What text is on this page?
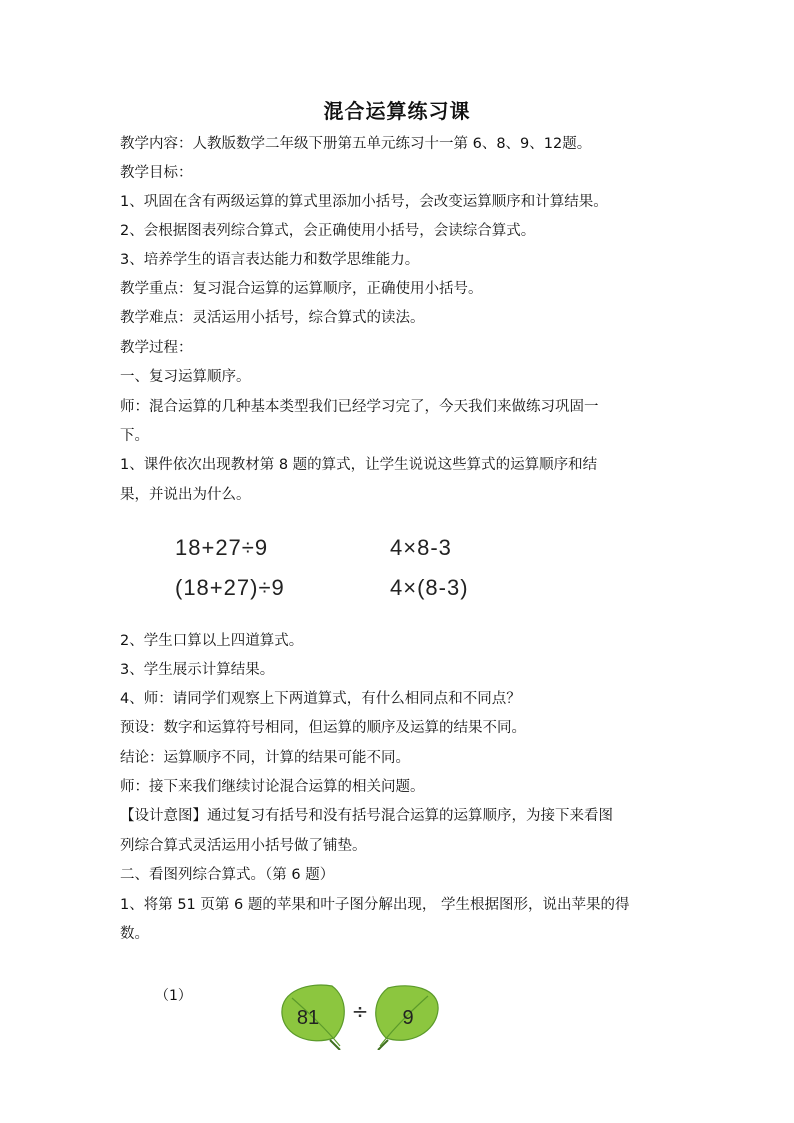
混合运算练习课
教学内容：人教版数学二年级下册第五单元练习十一第 6、8、9、12题。
教学目标：
1、巩固在含有两级运算的算式里添加小括号，会改变运算顺序和计算结果。
2、会根据图表列综合算式，会正确使用小括号，会读综合算式。
3、培养学生的语言表达能力和数学思维能力。
教学重点：复习混合运算的运算顺序，正确使用小括号。
教学难点：灵活运用小括号，综合算式的读法。
教学过程：
一、复习运算顺序。
师：混合运算的几种基本类型我们已经学习完了，今天我们来做练习巩固一
下。
1、课件依次出现教材第 8 题的算式，让学生说说这些算式的运算顺序和结
果，并说出为什么。
18+27÷9	4×8-3
(18+27)÷9	4×(8-3)
2、学生口算以上四道算式。
3、学生展示计算结果。
4、师：请同学们观察上下两道算式，有什么相同点和不同点？
预设：数字和运算符号相同，但运算的顺序及运算的结果不同。
结论：运算顺序不同，计算的结果可能不同。
师：接下来我们继续讨论混合运算的相关问题。
【设计意图】通过复习有括号和没有括号混合运算的运算顺序，为接下来看图
列综合算式灵活运用小括号做了铺垫。
二、看图列综合算式。（第 6 题）
1、将第 51 页第 6 题的苹果和叶子图分解出现， 学生根据图形，说出苹果的得
数。
（1）
81 ÷ 9
